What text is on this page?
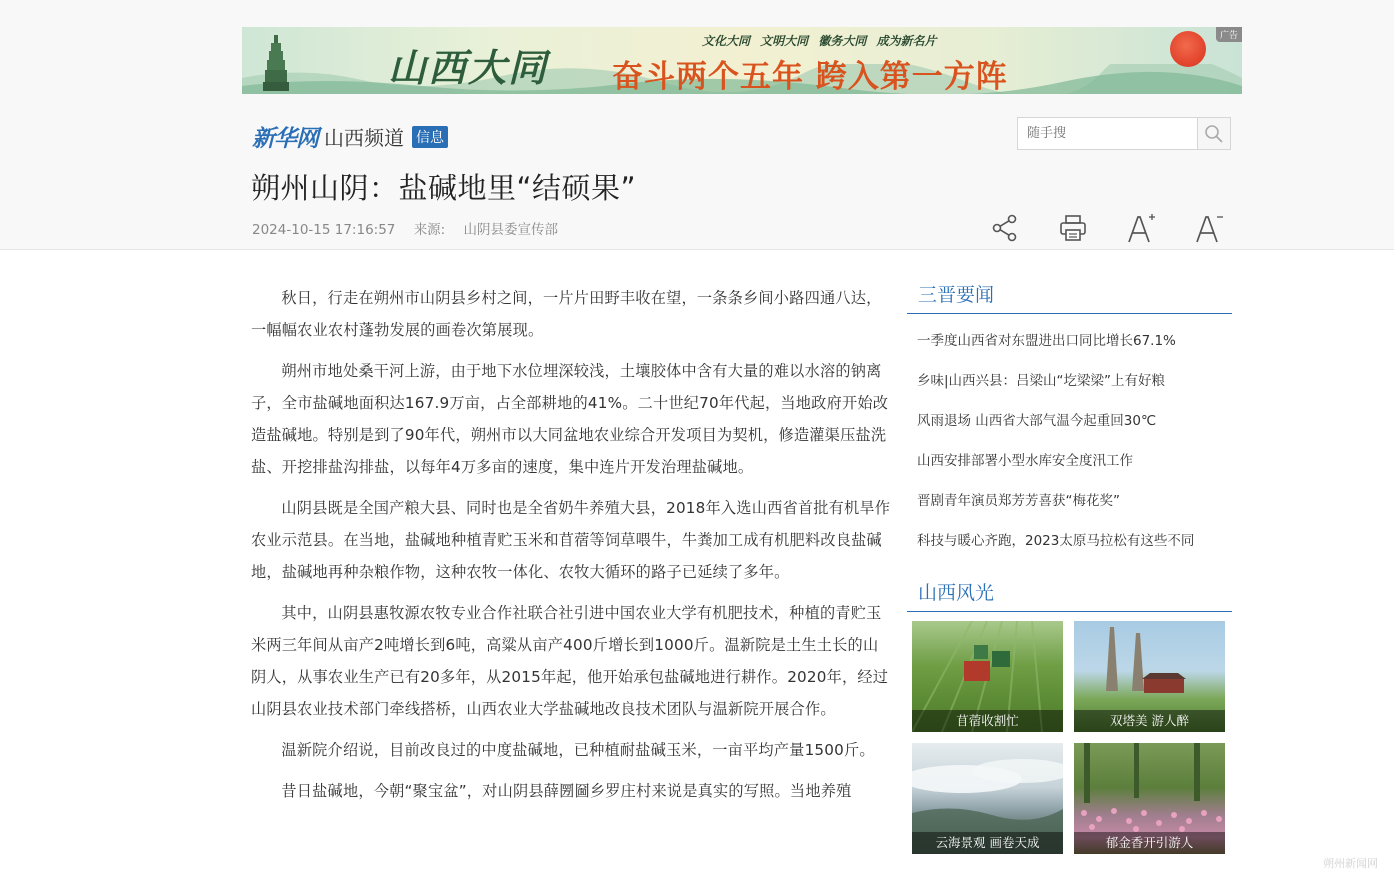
山西大同
文化大同 文明大同 徽务大同 成为新名片
奋斗两个五年 跨入第一方阵
广告
新华网 山西频道 信息
随手搜
朔州山阴：盐碱地里“结硕果”
2024-10-15 17:16:57 来源: 山阴县委宣传部

秋日，行走在朔州市山阴县乡村之间，一片片田野丰收在望，一条条乡间小路四通八达，一幅幅农业农村蓬勃发展的画卷次第展现。

朔州市地处桑干河上游，由于地下水位埋深较浅，土壤胶体中含有大量的难以水溶的钠离子，全市盐碱地面积达167.9万亩，占全部耕地的41%。二十世纪70年代起，当地政府开始改造盐碱地。特别是到了90年代，朔州市以大同盆地农业综合开发项目为契机，修造灌渠压盐洗盐、开挖排盐沟排盐，以每年4万多亩的速度，集中连片开发治理盐碱地。

山阴县既是全国产粮大县、同时也是全省奶牛养殖大县，2018年入选山西省首批有机旱作农业示范县。在当地，盐碱地种植青贮玉米和苜蓿等饲草喂牛，牛粪加工成有机肥料改良盐碱地，盐碱地再种杂粮作物，这种农牧一体化、农牧大循环的路子已延续了多年。

其中，山阴县惠牧源农牧专业合作社联合社引进中国农业大学有机肥技术，种植的青贮玉米两三年间从亩产2吨增长到6吨，高粱从亩产400斤增长到1000斤。温新院是土生土长的山阴人，从事农业生产已有20多年，从2015年起，他开始承包盐碱地进行耕作。2020年，经过山阴县农业技术部门牵线搭桥，山西农业大学盐碱地改良技术团队与温新院开展合作。

温新院介绍说，目前改良过的中度盐碱地，已种植耐盐碱玉米，一亩平均产量1500斤。

昔日盐碱地，今朝“聚宝盆”，对山阴县薛圐圙乡罗庄村来说是真实的写照。当地养殖

三晋要闻
一季度山西省对东盟进出口同比增长67.1%
乡味|山西兴县：吕梁山“圪梁梁”上有好粮
风雨退场 山西省大部气温今起重回30℃
山西安排部署小型水库安全度汛工作
晋剧青年演员郑芳芳喜获“梅花奖”
科技与暖心齐跑，2023太原马拉松有这些不同
山西风光
苜蓿收割忙	双塔美 游人醉
云海景观 画卷天成	郁金香开引游人
朔州新闻网
